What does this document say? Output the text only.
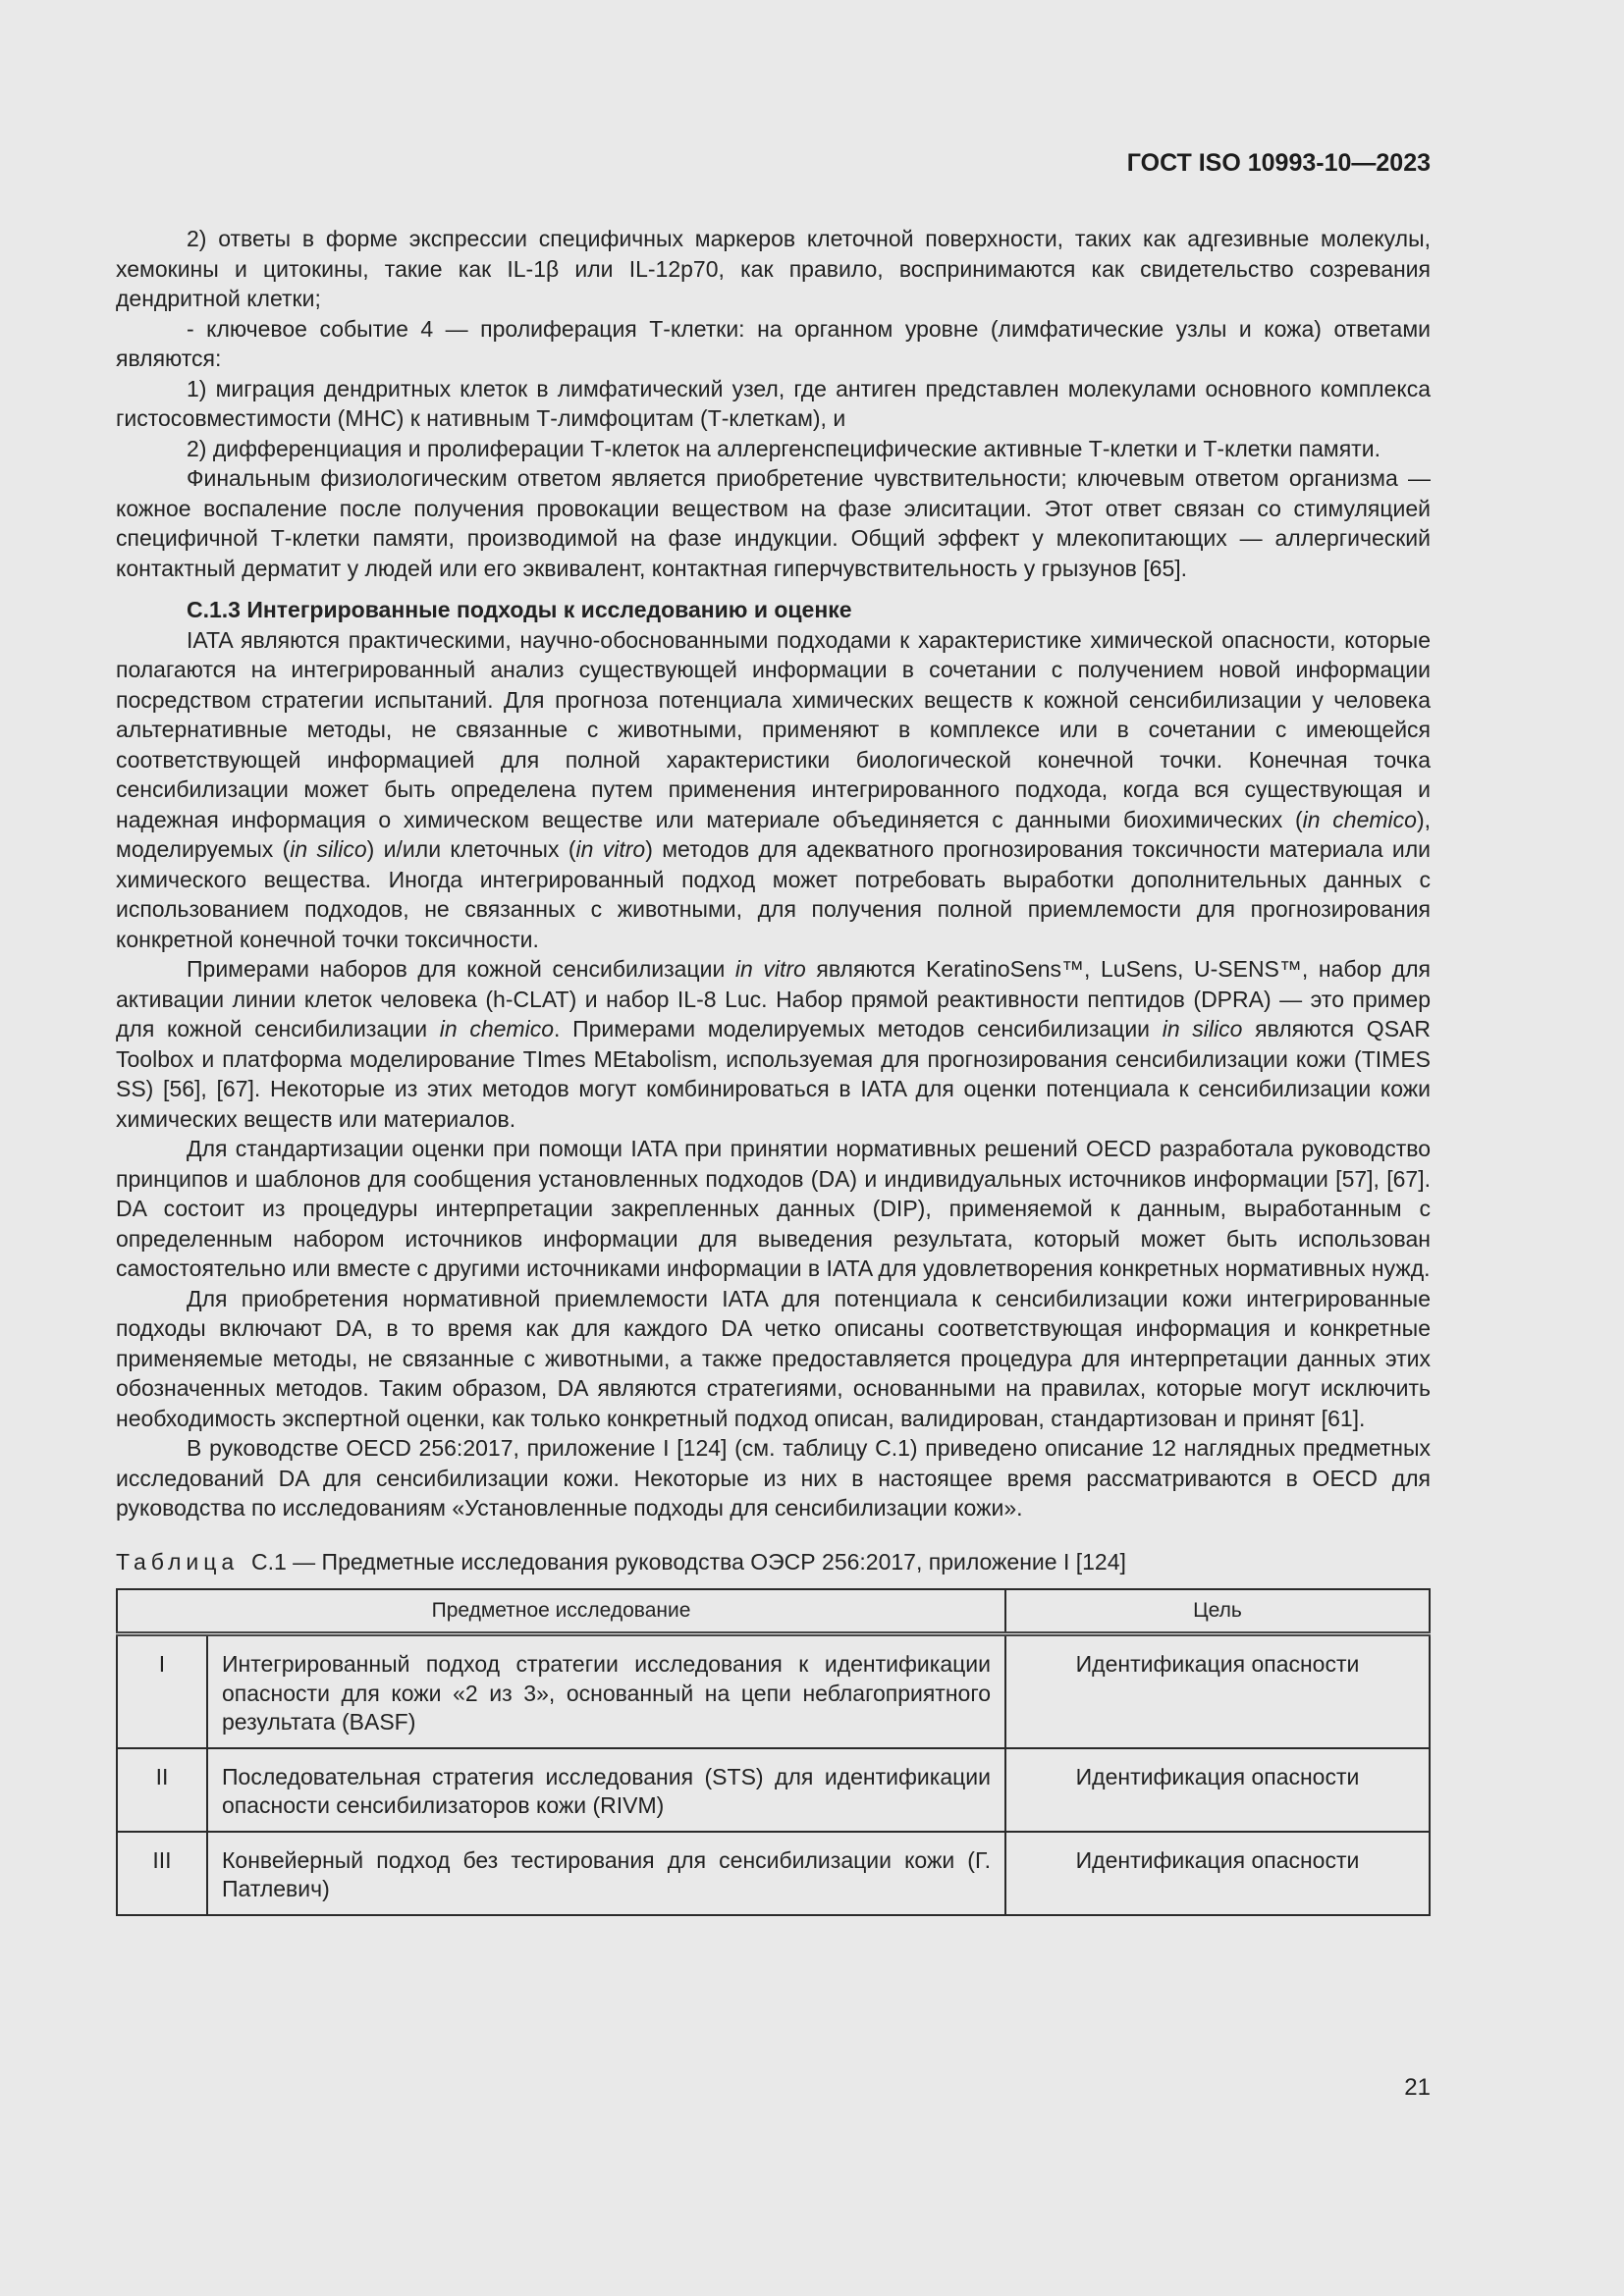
ГОСТ ISO 10993-10—2023

2) ответы в форме экспрессии специфичных маркеров клеточной поверхности, таких как адгезивные молекулы, хемокины и цитокины, такие как IL-1β или IL-12p70, как правило, воспринимаются как свидетельство созревания дендритной клетки;

- ключевое событие 4 — пролиферация Т-клетки: на органном уровне (лимфатические узлы и кожа) ответами являются:

1) миграция дендритных клеток в лимфатический узел, где антиген представлен молекулами основного комплекса гистосовместимости (MHC) к нативным Т-лимфоцитам (Т-клеткам), и

2) дифференциация и пролиферации Т-клеток на аллергенспецифические активные Т-клетки и Т-клетки памяти.

Финальным физиологическим ответом является приобретение чувствительности; ключевым ответом организма — кожное воспаление после получения провокации веществом на фазе элиситации. Этот ответ связан со стимуляцией специфичной Т-клетки памяти, производимой на фазе индукции. Общий эффект у млекопитающих — аллергический контактный дерматит у людей или его эквивалент, контактная гиперчувствительность у грызунов [65].

C.1.3 Интегрированные подходы к исследованию и оценке

IATA являются практическими, научно-обоснованными подходами к характеристике химической опасности, которые полагаются на интегрированный анализ существующей информации в сочетании с получением новой информации посредством стратегии испытаний. Для прогноза потенциала химических веществ к кожной сенсибилизации у человека альтернативные методы, не связанные с животными, применяют в комплексе или в сочетании с имеющейся соответствующей информацией для полной характеристики биологической конечной точки. Конечная точка сенсибилизации может быть определена путем применения интегрированного подхода, когда вся существующая и надежная информация о химическом веществе или материале объединяется с данными биохимических (in chemico), моделируемых (in silico) и/или клеточных (in vitro) методов для адекватного прогнозирования токсичности материала или химического вещества. Иногда интегрированный подход может потребовать выработки дополнительных данных с использованием подходов, не связанных с животными, для получения полной приемлемости для прогнозирования конкретной конечной точки токсичности.

Примерами наборов для кожной сенсибилизации in vitro являются KeratinoSens™, LuSens, U-SENS™, набор для активации линии клеток человека (h-CLAT) и набор IL-8 Luc. Набор прямой реактивности пептидов (DPRA) — это пример для кожной сенсибилизации in chemico. Примерами моделируемых методов сенсибилизации in silico являются QSAR Toolbox и платформа моделирование TImes MEtabolism, используемая для прогнозирования сенсибилизации кожи (TIMES SS) [56], [67]. Некоторые из этих методов могут комбинироваться в IATA для оценки потенциала к сенсибилизации кожи химических веществ или материалов.

Для стандартизации оценки при помощи IATA при принятии нормативных решений OECD разработала руководство принципов и шаблонов для сообщения установленных подходов (DA) и индивидуальных источников информации [57], [67]. DA состоит из процедуры интерпретации закрепленных данных (DIP), применяемой к данным, выработанным с определенным набором источников информации для выведения результата, который может быть использован самостоятельно или вместе с другими источниками информации в IATA для удовлетворения конкретных нормативных нужд.

Для приобретения нормативной приемлемости IATA для потенциала к сенсибилизации кожи интегрированные подходы включают DA, в то время как для каждого DA четко описаны соответствующая информация и конкретные применяемые методы, не связанные с животными, а также предоставляется процедура для интерпретации данных этих обозначенных методов. Таким образом, DA являются стратегиями, основанными на правилах, которые могут исключить необходимость экспертной оценки, как только конкретный подход описан, валидирован, стандартизован и принят [61].

В руководстве OECD 256:2017, приложение I [124] (см. таблицу C.1) приведено описание 12 наглядных предметных исследований DA для сенсибилизации кожи. Некоторые из них в настоящее время рассматриваются в OECD для руководства по исследованиям «Установленные подходы для сенсибилизации кожи».

Таблица C.1 — Предметные исследования руководства ОЭСР 256:2017, приложение I [124]
Предметное исследование		Цель
I	Интегрированный подход стратегии исследования к идентификации опасности для кожи «2 из 3», основанный на цепи неблагоприятного результата (BASF)	Идентификация опасности
II	Последовательная стратегия исследования (STS) для идентификации опасности сенсибилизаторов кожи (RIVM)	Идентификация опасности
III	Конвейерный подход без тестирования для сенсибилизации кожи (Г. Патлевич)	Идентификация опасности
21
